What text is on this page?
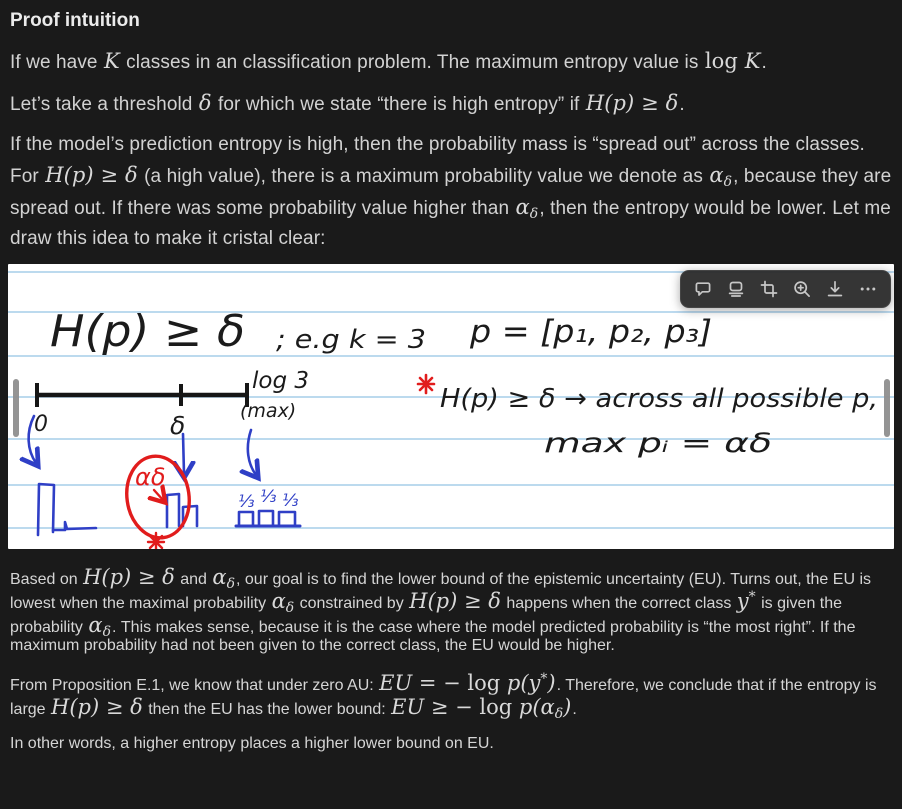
Proof intuition

If we have K classes in an classification problem. The maximum entropy value is log K.

Let’s take a threshold δ for which we state “there is high entropy” if H(p) ≥ δ.

If the model’s prediction entropy is high, then the probability mass is “spread out” across the classes. For H(p) ≥ δ (a high value), there is a maximum probability value we denote as $\alpha_\delta$, because they are spread out. If there was some probability value higher than $\alpha_\delta$, then the entropy would be lower. Let me draw this idea to make it cristal clear:

H(p) ≥ δ ; e.g k = 3 p = [p₁, p₂, p₃]
0	δ
log 3
(max)
⅓ ⅓ ⅓
αδ
H(p) ≥ δ → across all possible p,
max pᵢ = αδ

Based on H(p) ≥ δ and $\alpha_\delta$, our goal is to find the lower bound of the epistemic uncertainty (EU). Turns out, the EU is lowest when the maximal probability $\alpha_\delta$ constrained by H(p) ≥ δ happens when the correct class y* is given the probability $\alpha_\delta$. This makes sense, because it is the case where the model predicted probability is “the most right”. If the maximum probability had not been given to the correct class, the EU would be higher.

From Proposition E.1, we know that under zero AU: EU = − log p(y*). Therefore, we conclude that if the entropy is large H(p) ≥ δ then the EU has the lower bound: EU ≥ − $\log p(\alpha_\delta)$.

In other words, a higher entropy places a higher lower bound on EU.
